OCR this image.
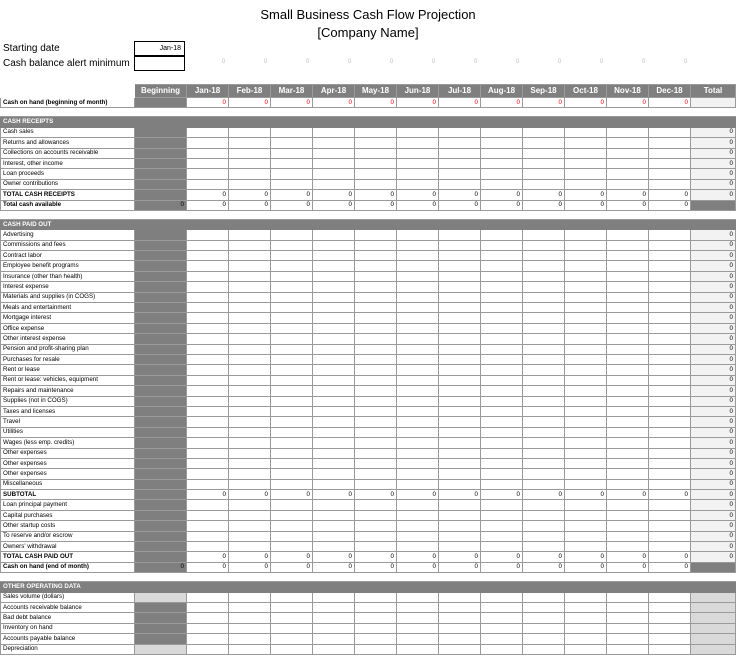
Small Business Cash Flow Projection
[Company Name]
Starting date	Jan-18
Cash balance alert minimum	0	0	0	0	0	0	0	0	0	0	0	0
	Beginning	Jan-18	Feb-18	Mar-18	Apr-18	May-18	Jun-18	Jul-18	Aug-18	Sep-18	Oct-18	Nov-18	Dec-18	Total
Cash on hand (beginning of month)		0	0	0	0	0	0	0	0	0	0	0	0	

CASH RECEIPTS														
Cash sales														0
Returns and allowances														0
Collections on accounts receivable														0
Interest, other income														0
Loan proceeds														0
Owner contributions														0
TOTAL CASH RECEIPTS		0	0	0	0	0	0	0	0	0	0	0	0	0
Total cash available	0	0	0	0	0	0	0	0	0	0	0	0	0	

CASH PAID OUT														
Advertising														0
Commissions and fees														0
Contract labor														0
Employee benefit programs														0
Insurance (other than health)														0
Interest expense														0
Materials and supplies (in COGS)														0
Meals and entertainment														0
Mortgage interest														0
Office expense														0
Other interest expense														0
Pension and profit-sharing plan														0
Purchases for resale														0
Rent or lease														0
Rent or lease: vehicles, equipment														0
Repairs and maintenance														0
Supplies (not in COGS)														0
Taxes and licenses														0
Travel														0
Utilities														0
Wages (less emp. credits)														0
Other expenses														0
Other expenses														0
Other expenses														0
Miscellaneous														0
SUBTOTAL		0	0	0	0	0	0	0	0	0	0	0	0	0
Loan principal payment														0
Capital purchases														0
Other startup costs														0
To reserve and/or escrow														0
Owners' withdrawal														0
TOTAL CASH PAID OUT		0	0	0	0	0	0	0	0	0	0	0	0	0
Cash on hand (end of month)	0	0	0	0	0	0	0	0	0	0	0	0	0	

OTHER OPERATING DATA														
Sales volume (dollars)														
Accounts receivable balance														
Bad debt balance														
Inventory on hand														
Accounts payable balance														
Depreciation														
